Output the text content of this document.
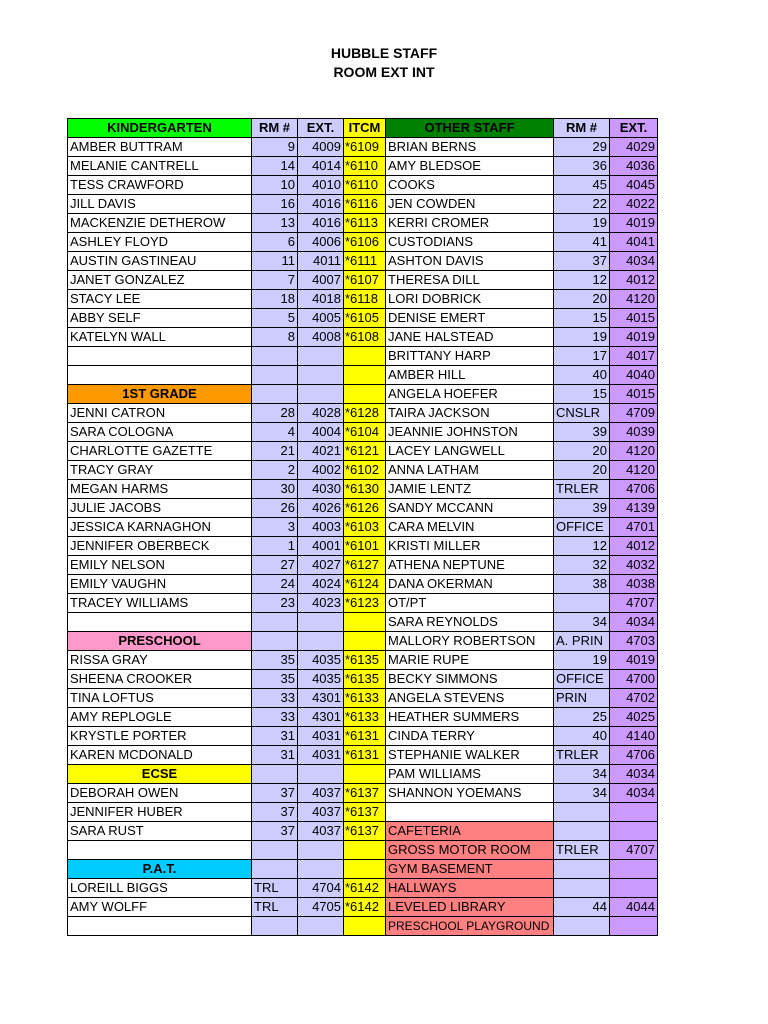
HUBBLE STAFF
ROOM EXT INT
KINDERGARTEN	RM #	EXT.	ITCM	OTHER STAFF	RM #	EXT.
AMBER BUTTRAM	9	4009	*6109	BRIAN BERNS	29	4029
MELANIE CANTRELL	14	4014	*6110	AMY BLEDSOE	36	4036
TESS CRAWFORD	10	4010	*6110	COOKS	45	4045
JILL DAVIS	16	4016	*6116	JEN COWDEN	22	4022
MACKENZIE DETHEROW	13	4016	*6113	KERRI CROMER	19	4019
ASHLEY FLOYD	6	4006	*6106	CUSTODIANS	41	4041
AUSTIN GASTINEAU	11	4011	*6111	ASHTON DAVIS	37	4034
JANET GONZALEZ	7	4007	*6107	THERESA DILL	12	4012
STACY LEE	18	4018	*6118	LORI DOBRICK	20	4120
ABBY SELF	5	4005	*6105	DENISE EMERT	15	4015
KATELYN WALL	8	4008	*6108	JANE HALSTEAD	19	4019
				BRITTANY HARP	17	4017
				AMBER HILL	40	4040
1ST GRADE				ANGELA HOEFER	15	4015
JENNI CATRON	28	4028	*6128	TAIRA JACKSON	CNSLR	4709
SARA COLOGNA	4	4004	*6104	JEANNIE JOHNSTON	39	4039
CHARLOTTE GAZETTE	21	4021	*6121	LACEY LANGWELL	20	4120
TRACY GRAY	2	4002	*6102	ANNA LATHAM	20	4120
MEGAN HARMS	30	4030	*6130	JAMIE LENTZ	TRLER	4706
JULIE JACOBS	26	4026	*6126	SANDY MCCANN	39	4139
JESSICA KARNAGHON	3	4003	*6103	CARA MELVIN	OFFICE	4701
JENNIFER OBERBECK	1	4001	*6101	KRISTI MILLER	12	4012
EMILY NELSON	27	4027	*6127	ATHENA NEPTUNE	32	4032
EMILY VAUGHN	24	4024	*6124	DANA OKERMAN	38	4038
TRACEY WILLIAMS	23	4023	*6123	OT/PT		4707
				SARA REYNOLDS	34	4034
PRESCHOOL				MALLORY ROBERTSON	A. PRIN	4703
RISSA GRAY	35	4035	*6135	MARIE RUPE	19	4019
SHEENA CROOKER	35	4035	*6135	BECKY SIMMONS	OFFICE	4700
TINA LOFTUS	33	4301	*6133	ANGELA STEVENS	PRIN	4702
AMY REPLOGLE	33	4301	*6133	HEATHER SUMMERS	25	4025
KRYSTLE PORTER	31	4031	*6131	CINDA TERRY	40	4140
KAREN MCDONALD	31	4031	*6131	STEPHANIE WALKER	TRLER	4706
ECSE				PAM WILLIAMS	34	4034
DEBORAH OWEN	37	4037	*6137	SHANNON YOEMANS	34	4034
JENNIFER HUBER	37	4037	*6137			
SARA RUST	37	4037	*6137	CAFETERIA		
				GROSS MOTOR ROOM	TRLER	4707
P.A.T.				GYM BASEMENT		
LOREILL BIGGS	TRL	4704	*6142	HALLWAYS		
AMY WOLFF	TRL	4705	*6142	LEVELED LIBRARY	44	4044
				PRESCHOOL PLAYGROUND		
